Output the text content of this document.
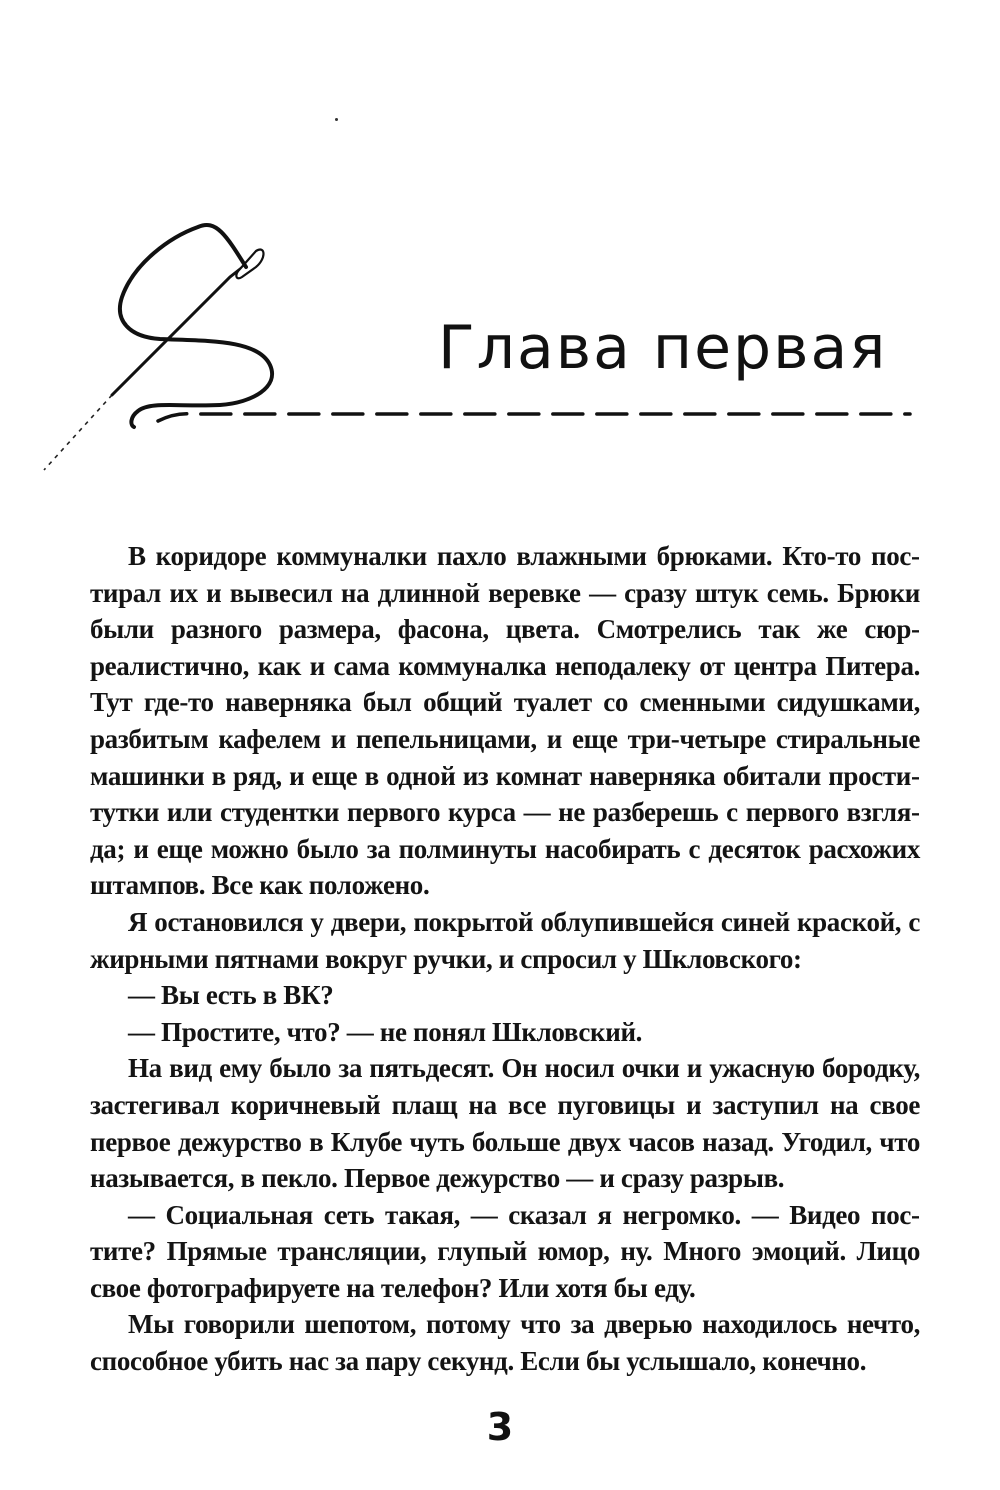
Глава первая

В коридоре коммуналки пахло влажными брюками. Кто-то постирал их и вывесил на длинной веревке — сразу штук семь. Брюки были разного размера, фасона, цвета. Смотрелись так же сюрреалистично, как и сама коммуналка неподалеку от центра Питера. Тут где-то наверняка был общий туалет со сменными сидушками, разбитым кафелем и пепельницами, и еще три-четыре стиральные машинки в ряд, и еще в одной из комнат наверняка обитали проститутки или студентки первого курса — не разберешь с первого взгляда; и еще можно было за полминуты насобирать с десяток расхожих штампов. Все как положено.

Я остановился у двери, покрытой облупившейся синей краской, с жирными пятнами вокруг ручки, и спросил у Шкловского:

— Вы есть в ВК?

— Простите, что? — не понял Шкловский.

На вид ему было за пятьдесят. Он носил очки и ужасную бородку, застегивал коричневый плащ на все пуговицы и заступил на свое первое дежурство в Клубе чуть больше двух часов назад. Угодил, что называется, в пекло. Первое дежурство — и сразу разрыв.

— Социальная сеть такая, — сказал я негромко. — Видео постите? Прямые трансляции, глупый юмор, ну. Много эмоций. Лицо свое фотографируете на телефон? Или хотя бы еду.

Мы говорили шепотом, потому что за дверью находилось нечто, способное убить нас за пару секунд. Если бы услышало, конечно.

3
